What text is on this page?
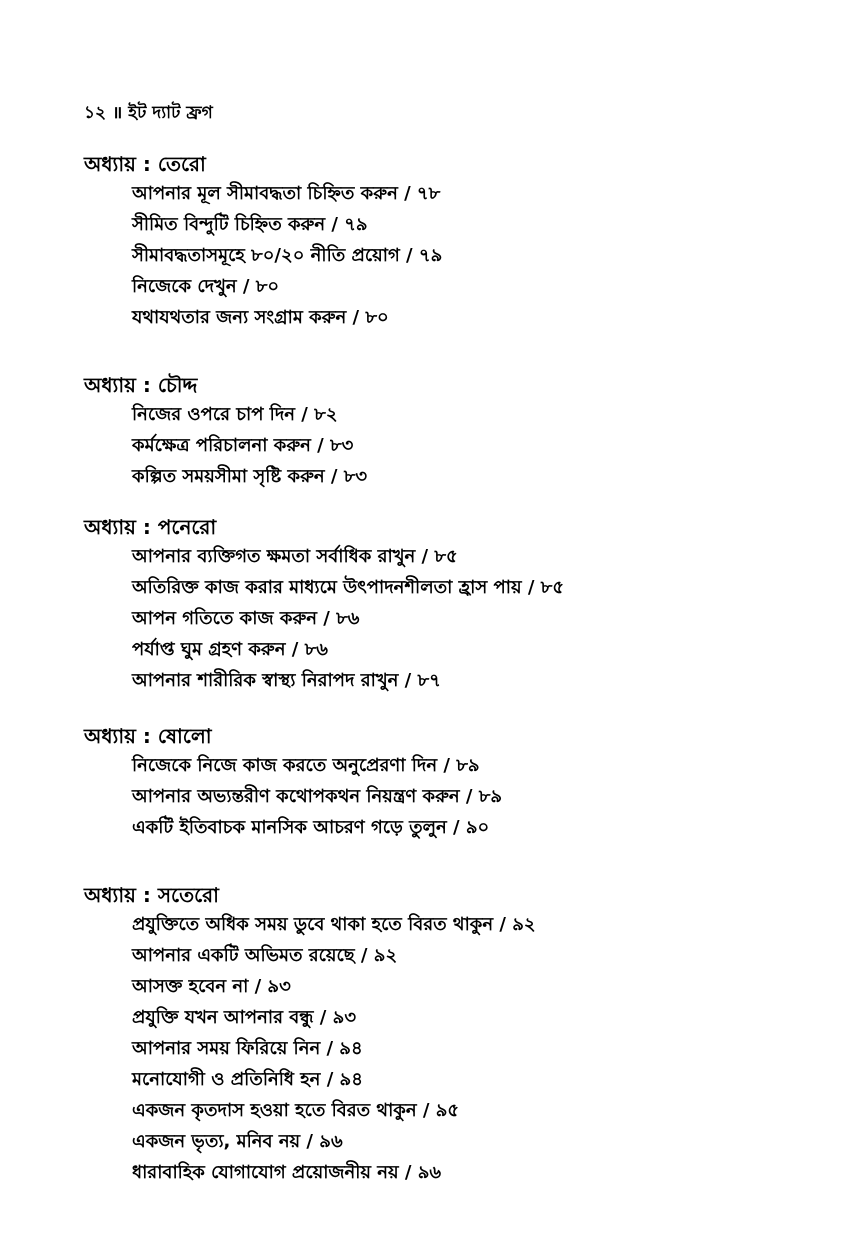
১২ ॥ ইট দ্যাট ফ্রগ
অধ্যায় : তেরো
আপনার মূল সীমাবদ্ধতা চিহ্নিত করুন / ৭৮
সীমিত বিন্দুটি চিহ্নিত করুন / ৭৯
সীমাবদ্ধতাসমূহে ৮০/২০ নীতি প্রয়োগ / ৭৯
নিজেকে দেখুন / ৮০
যথাযথতার জন্য সংগ্রাম করুন / ৮০
অধ্যায় : চৌদ্দ
নিজের ওপরে চাপ দিন / ৮২
কর্মক্ষেত্র পরিচালনা করুন / ৮৩
কল্পিত সময়সীমা সৃষ্টি করুন / ৮৩
অধ্যায় : পনেরো
আপনার ব্যক্তিগত ক্ষমতা সর্বাধিক রাখুন / ৮৫
অতিরিক্ত কাজ করার মাধ্যমে উৎপাদনশীলতা হ্রাস পায় / ৮৫
আপন গতিতে কাজ করুন / ৮৬
পর্যাপ্ত ঘুম গ্রহণ করুন / ৮৬
আপনার শারীরিক স্বাস্থ্য নিরাপদ রাখুন / ৮৭
অধ্যায় : ষোলো
নিজেকে নিজে কাজ করতে অনুপ্রেরণা দিন / ৮৯
আপনার অভ্যন্তরীণ কথোপকথন নিয়ন্ত্রণ করুন / ৮৯
একটি ইতিবাচক মানসিক আচরণ গড়ে তুলুন / ৯০
অধ্যায় : সতেরো
প্রযুক্তিতে অধিক সময় ডুবে থাকা হতে বিরত থাকুন / ৯২
আপনার একটি অভিমত রয়েছে / ৯২
আসক্ত হবেন না / ৯৩
প্রযুক্তি যখন আপনার বন্ধু / ৯৩
আপনার সময় ফিরিয়ে নিন / ৯৪
মনোযোগী ও প্রতিনিধি হন / ৯৪
একজন কৃতদাস হওয়া হতে বিরত থাকুন / ৯৫
একজন ভৃত্য, মনিব নয় / ৯৬
ধারাবাহিক যোগাযোগ প্রয়োজনীয় নয় / ৯৬
